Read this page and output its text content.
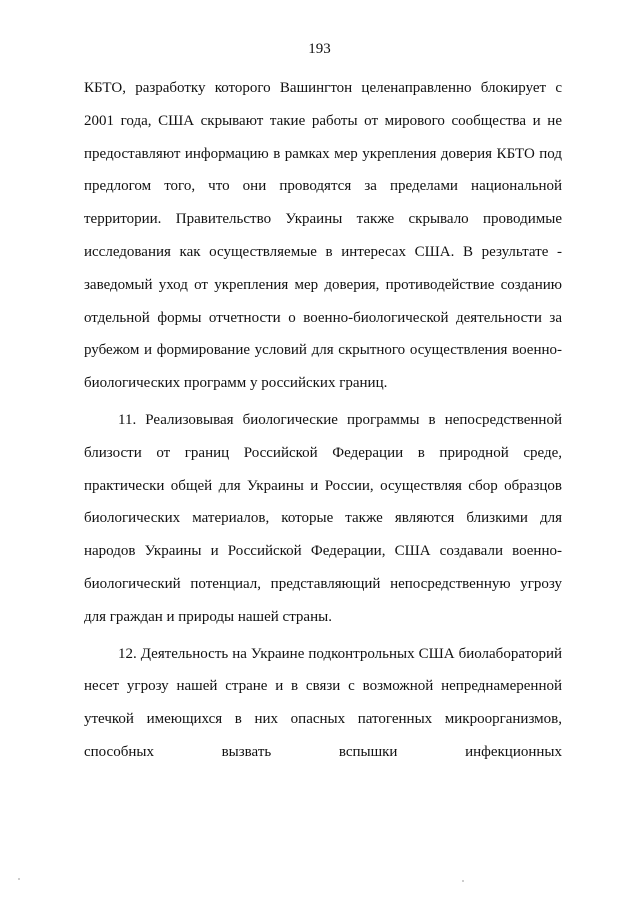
193

КБТО, разработку которого Вашингтон целенаправленно блокирует с 2001 года, США скрывают такие работы от мирового сообщества и не предоставляют информацию в рамках мер укрепления доверия КБТО под предлогом того, что они проводятся за пределами национальной территории. Правительство Украины также скрывало проводимые исследования как осуществляемые в интересах США. В результате - заведомый уход от укрепления мер доверия, противодействие созданию отдельной формы отчетности о военно-биологической деятельности за рубежом и формирование условий для скрытного осуществления военно-биологических программ у российских границ.

11. Реализовывая биологические программы в непосредственной близости от границ Российской Федерации в природной среде, практически общей для Украины и России, осуществляя сбор образцов биологических материалов, которые также являются близкими для народов Украины и Российской Федерации, США создавали военно-биологический потенциал, представляющий непосредственную угрозу для граждан и природы нашей страны.

12. Деятельность на Украине подконтрольных США биолабораторий несет угрозу нашей стране и в связи с возможной непреднамеренной утечкой имеющихся в них опасных патогенных микроорганизмов, способных вызвать вспышки инфекционных
